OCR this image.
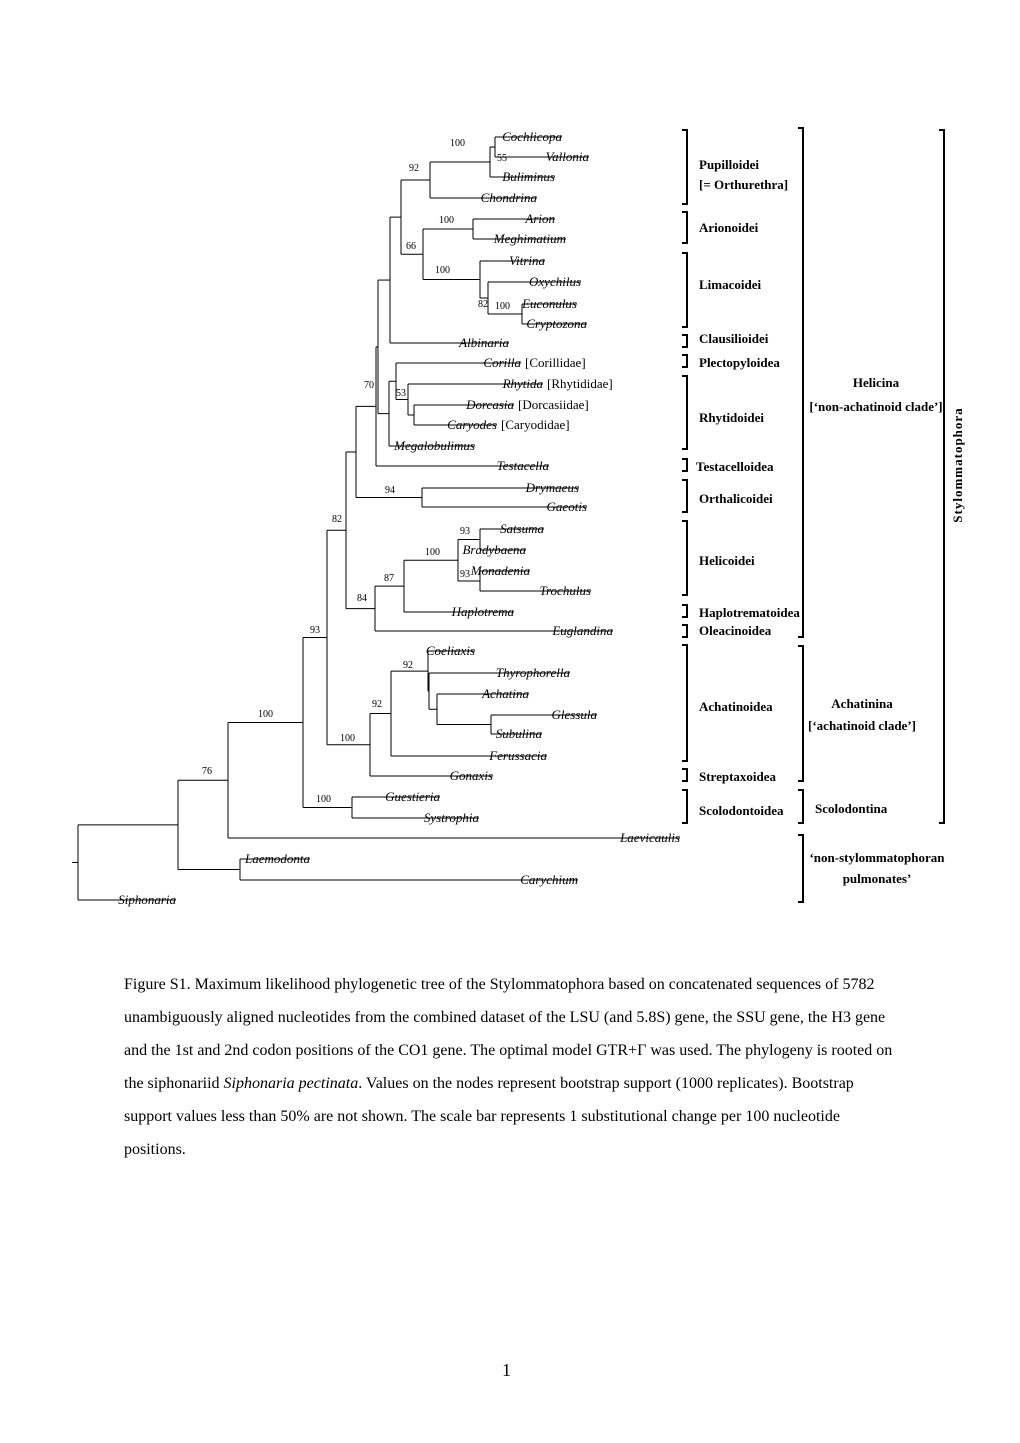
Cochlicopa
Vallonia
Buliminus
Chondrina
Arion
Meghimatium
Vitrina
Oxychilus
Euconulus
Cryptozona
Albinaria
Corilla [Corillidae]
Rhytida [Rhytididae]
Dorcasia [Dorcasiidae]
Caryodes [Caryodidae]
Megalobulimus
Testacella
Drymaeus
Gaeotis
Satsuma
Bradybaena
Monadenia
Trochulus
Haplotrema
Euglandina
Coeliaxis
Thyrophorella
Achatina
Glessula
Subulina
Ferussacia
Gonaxis
Guestieria
Systrophia
Laevicaulis
Laemodonta
Carychium
Siphonaria
100
55
92
100
66
100
82 100
70
53
94
82
93
100
93
87
84
93
92
92
100
100
100
76
Pupilloidei
[= Orthurethra]
Arionoidei
Limacoidei
Clausilioidei
Plectopyloidea
Rhytidoidei
Testacelloidea
Orthalicoidei
Helicoidei
Haplotrematoidea
Oleacinoidea
Achatinoidea
Streptaxoidea
Scolodontoidea
Helicina
[‘non-achatinoid clade’]
Achatinina
[‘achatinoid clade’]
Scolodontina
‘non-stylommatophoran
pulmonates’
Stylommatophora

Figure S1. Maximum likelihood phylogenetic tree of the Stylommatophora based on concatenated sequences of 5782 unambiguously aligned nucleotides from the combined dataset of the LSU (and 5.8S) gene, the SSU gene, the H3 gene and the 1st and 2nd codon positions of the CO1 gene. The optimal model GTR+Γ was used. The phylogeny is rooted on the siphonariid Siphonaria pectinata. Values on the nodes represent bootstrap support (1000 replicates). Bootstrap support values less than 50% are not shown. The scale bar represents 1 substitutional change per 100 nucleotide positions.

1
